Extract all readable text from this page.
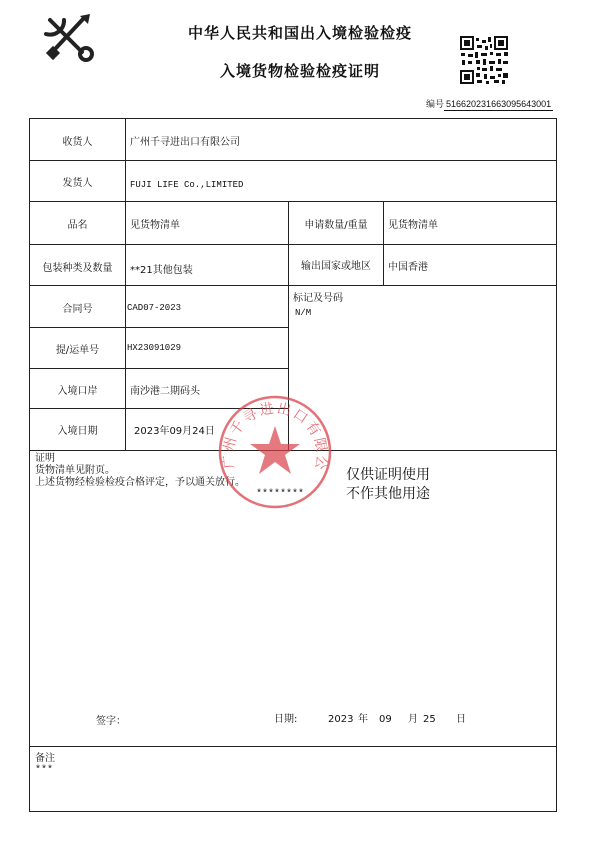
中华人民共和国出入境检验检疫
入境货物检验检疫证明
编号 516620231663095643001
收货人	广州千寻进出口有限公司
发货人	FUJI LIFE Co.,LIMITED
品名	见货物清单	申请数量/重量	见货物清单
包装种类及数量	**21其他包装	输出国家或地区	中国香港
合同号	CAD07-2023
标记及号码
N/M
提/运单号	HX23091029
入境口岸	南沙港二期码头
入境日期	2023年09月24日
证明
货物清单见附页。
上述货物经检验检疫合格评定，予以通关放行。
********
仅供证明使用
不作其他用途
签字：	日期:	2023 年 09 月 25 日
备注
***
广州千寻进出口有限公
